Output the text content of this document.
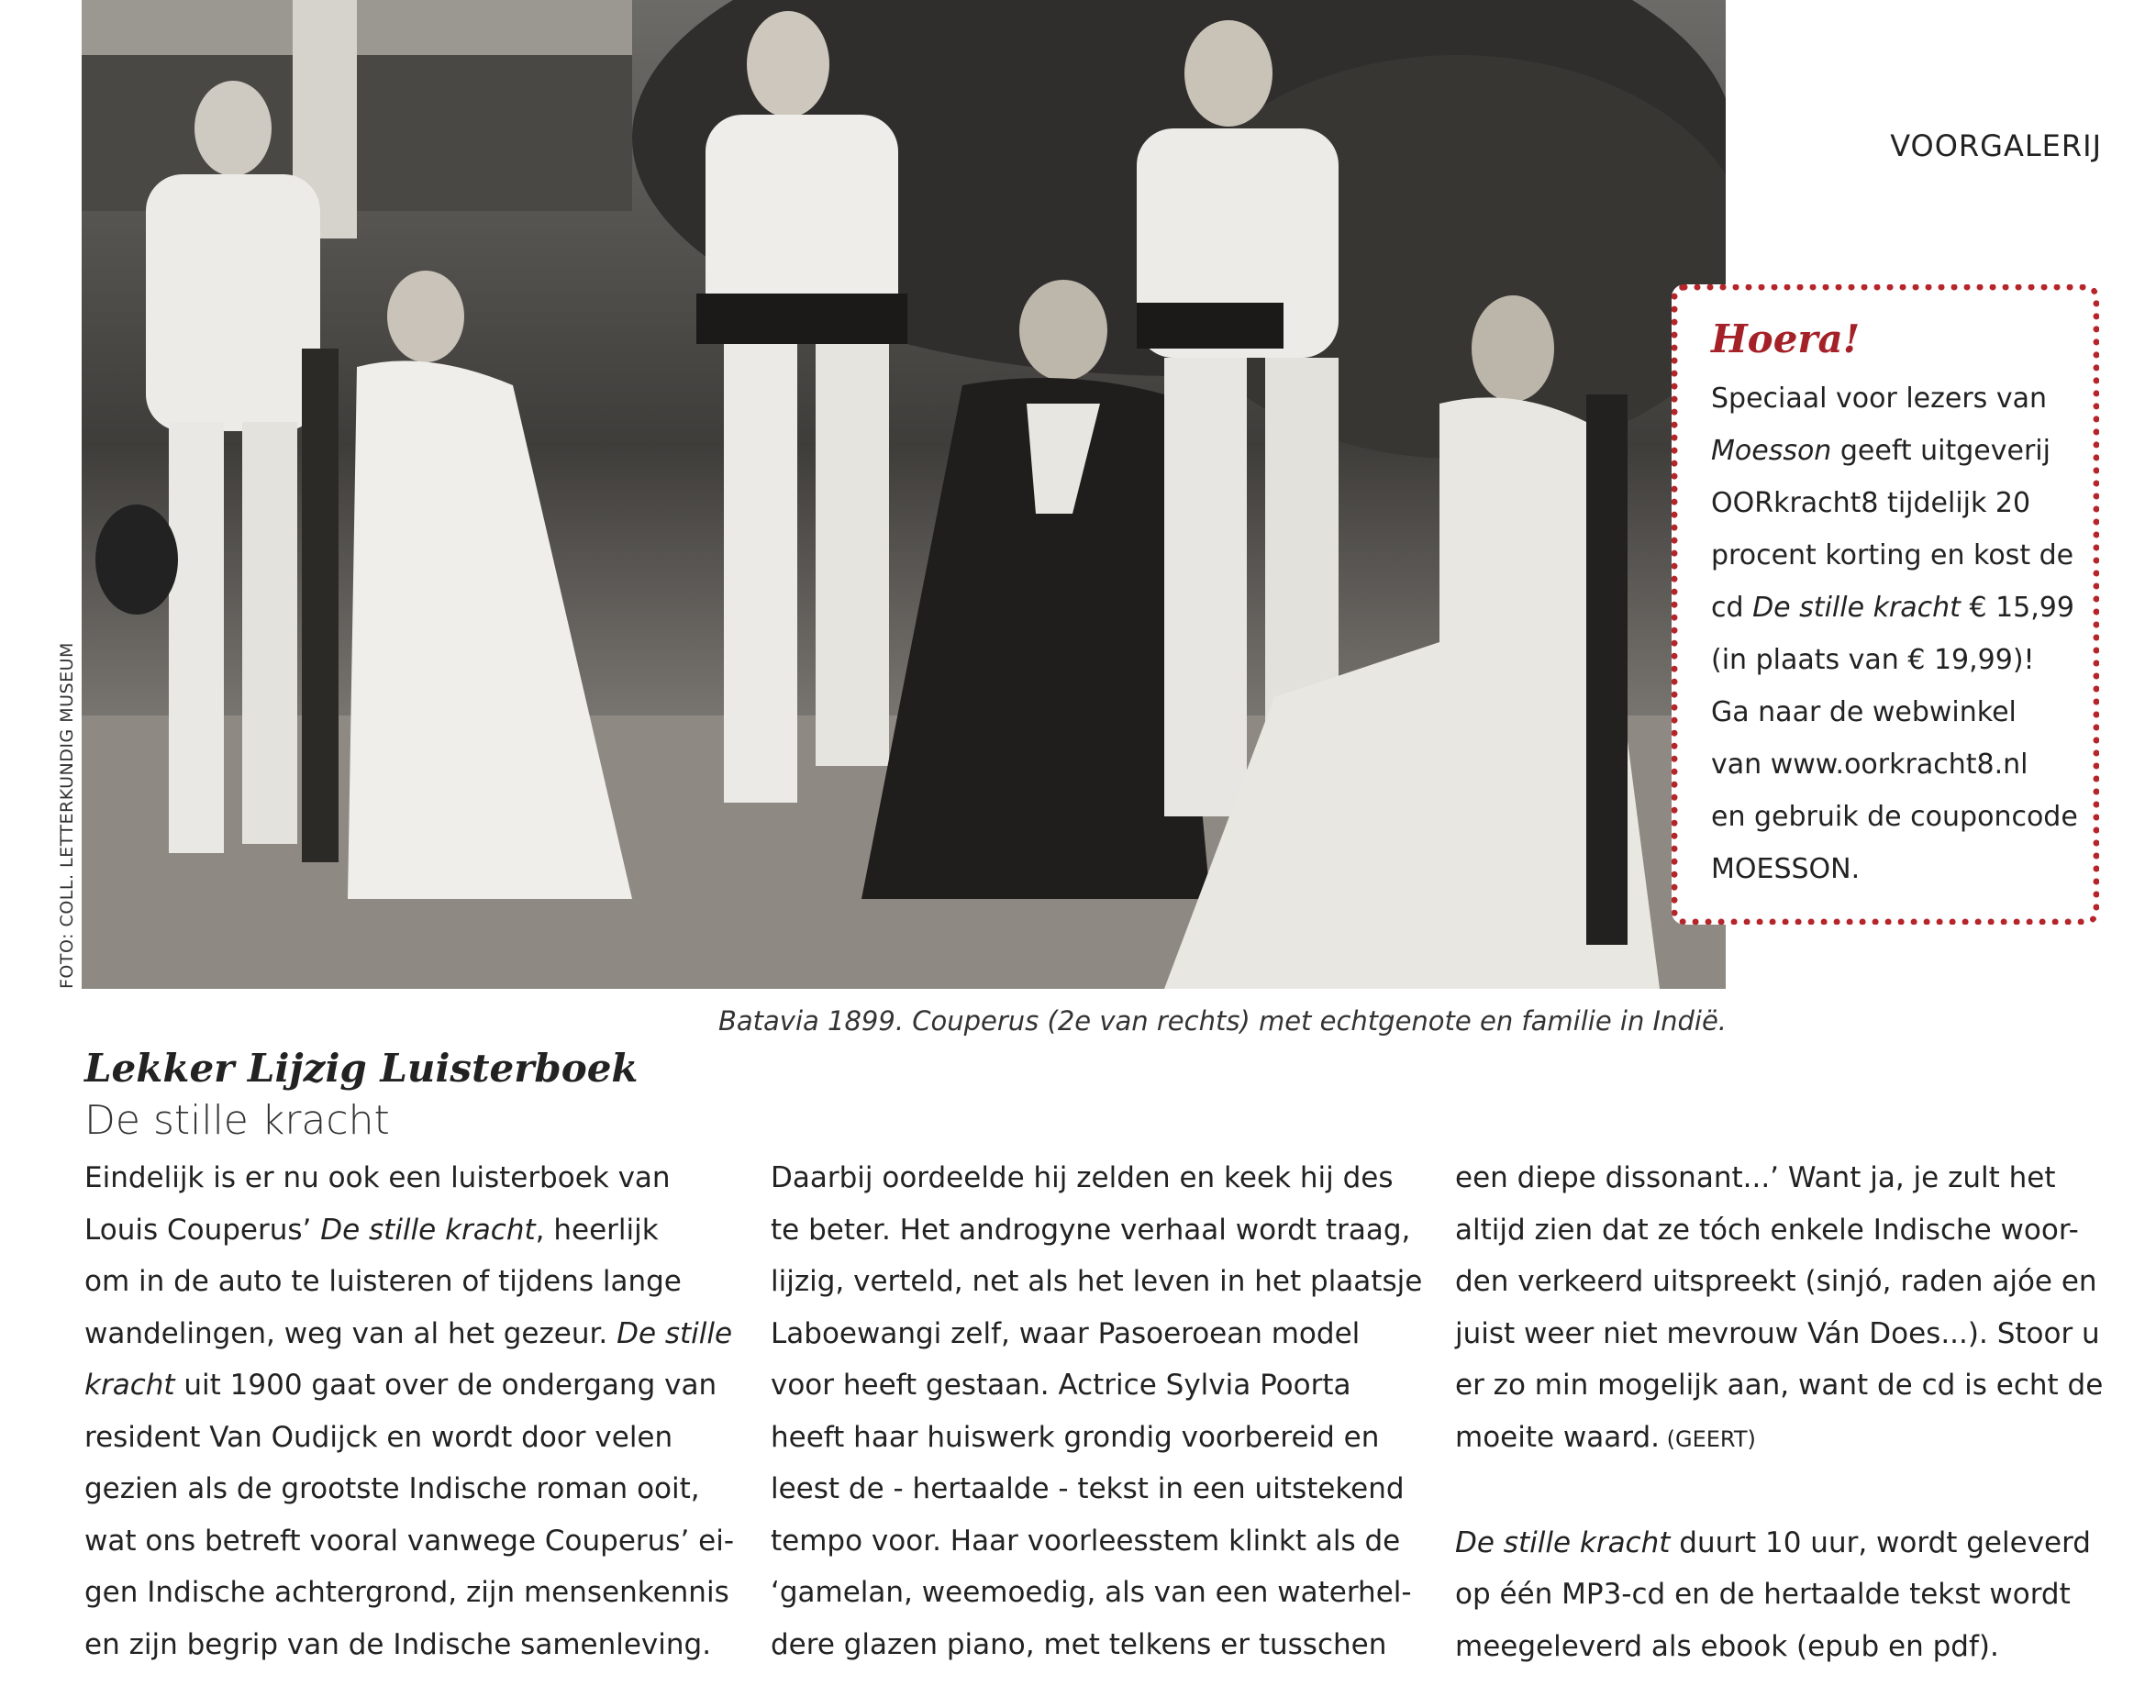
FOTO: COLL. LETTERKUNDIG MUSEUM
VOORGALERIJ
Hoera!
Speciaal voor lezers van
Moesson geeft uitgeverij
OORkracht8 tijdelijk 20
procent korting en kost de
cd De stille kracht € 15,99
(in plaats van € 19,99)!
Ga naar de webwinkel
van www.oorkracht8.nl
en gebruik de couponcode
MOESSON.
Batavia 1899. Couperus (2e van rechts) met echtgenote en familie in Indië.
Lekker Lijzig Luisterboek
De stille kracht
Eindelijk is er nu ook een luisterboek van
Louis Couperus’ De stille kracht, heerlijk
om in de auto te luisteren of tijdens lange
wandelingen, weg van al het gezeur. De stille
kracht uit 1900 gaat over de ondergang van
resident Van Oudijck en wordt door velen
gezien als de grootste Indische roman ooit,
wat ons betreft vooral vanwege Couperus’ ei-
gen Indische achtergrond, zijn mensenkennis
en zijn begrip van de Indische samenleving.
Daarbij oordeelde hij zelden en keek hij des
te beter. Het androgyne verhaal wordt traag,
lijzig, verteld, net als het leven in het plaatsje
Laboewangi zelf, waar Pasoeroean model
voor heeft gestaan. Actrice Sylvia Poorta
heeft haar huiswerk grondig voorbereid en
leest de - hertaalde - tekst in een uitstekend
tempo voor. Haar voorleesstem klinkt als de
‘gamelan, weemoedig, als van een waterhel-
dere glazen piano, met telkens er tusschen
een diepe dissonant...’ Want ja, je zult het
altijd zien dat ze tóch enkele Indische woor-
den verkeerd uitspreekt (sinjó, raden ajóe en
juist weer niet mevrouw Ván Does...). Stoor u
er zo min mogelijk aan, want de cd is echt de
moeite waard. (GEERT)
De stille kracht duurt 10 uur, wordt geleverd
op één MP3-cd en de hertaalde tekst wordt
meegeleverd als ebook (epub en pdf).
